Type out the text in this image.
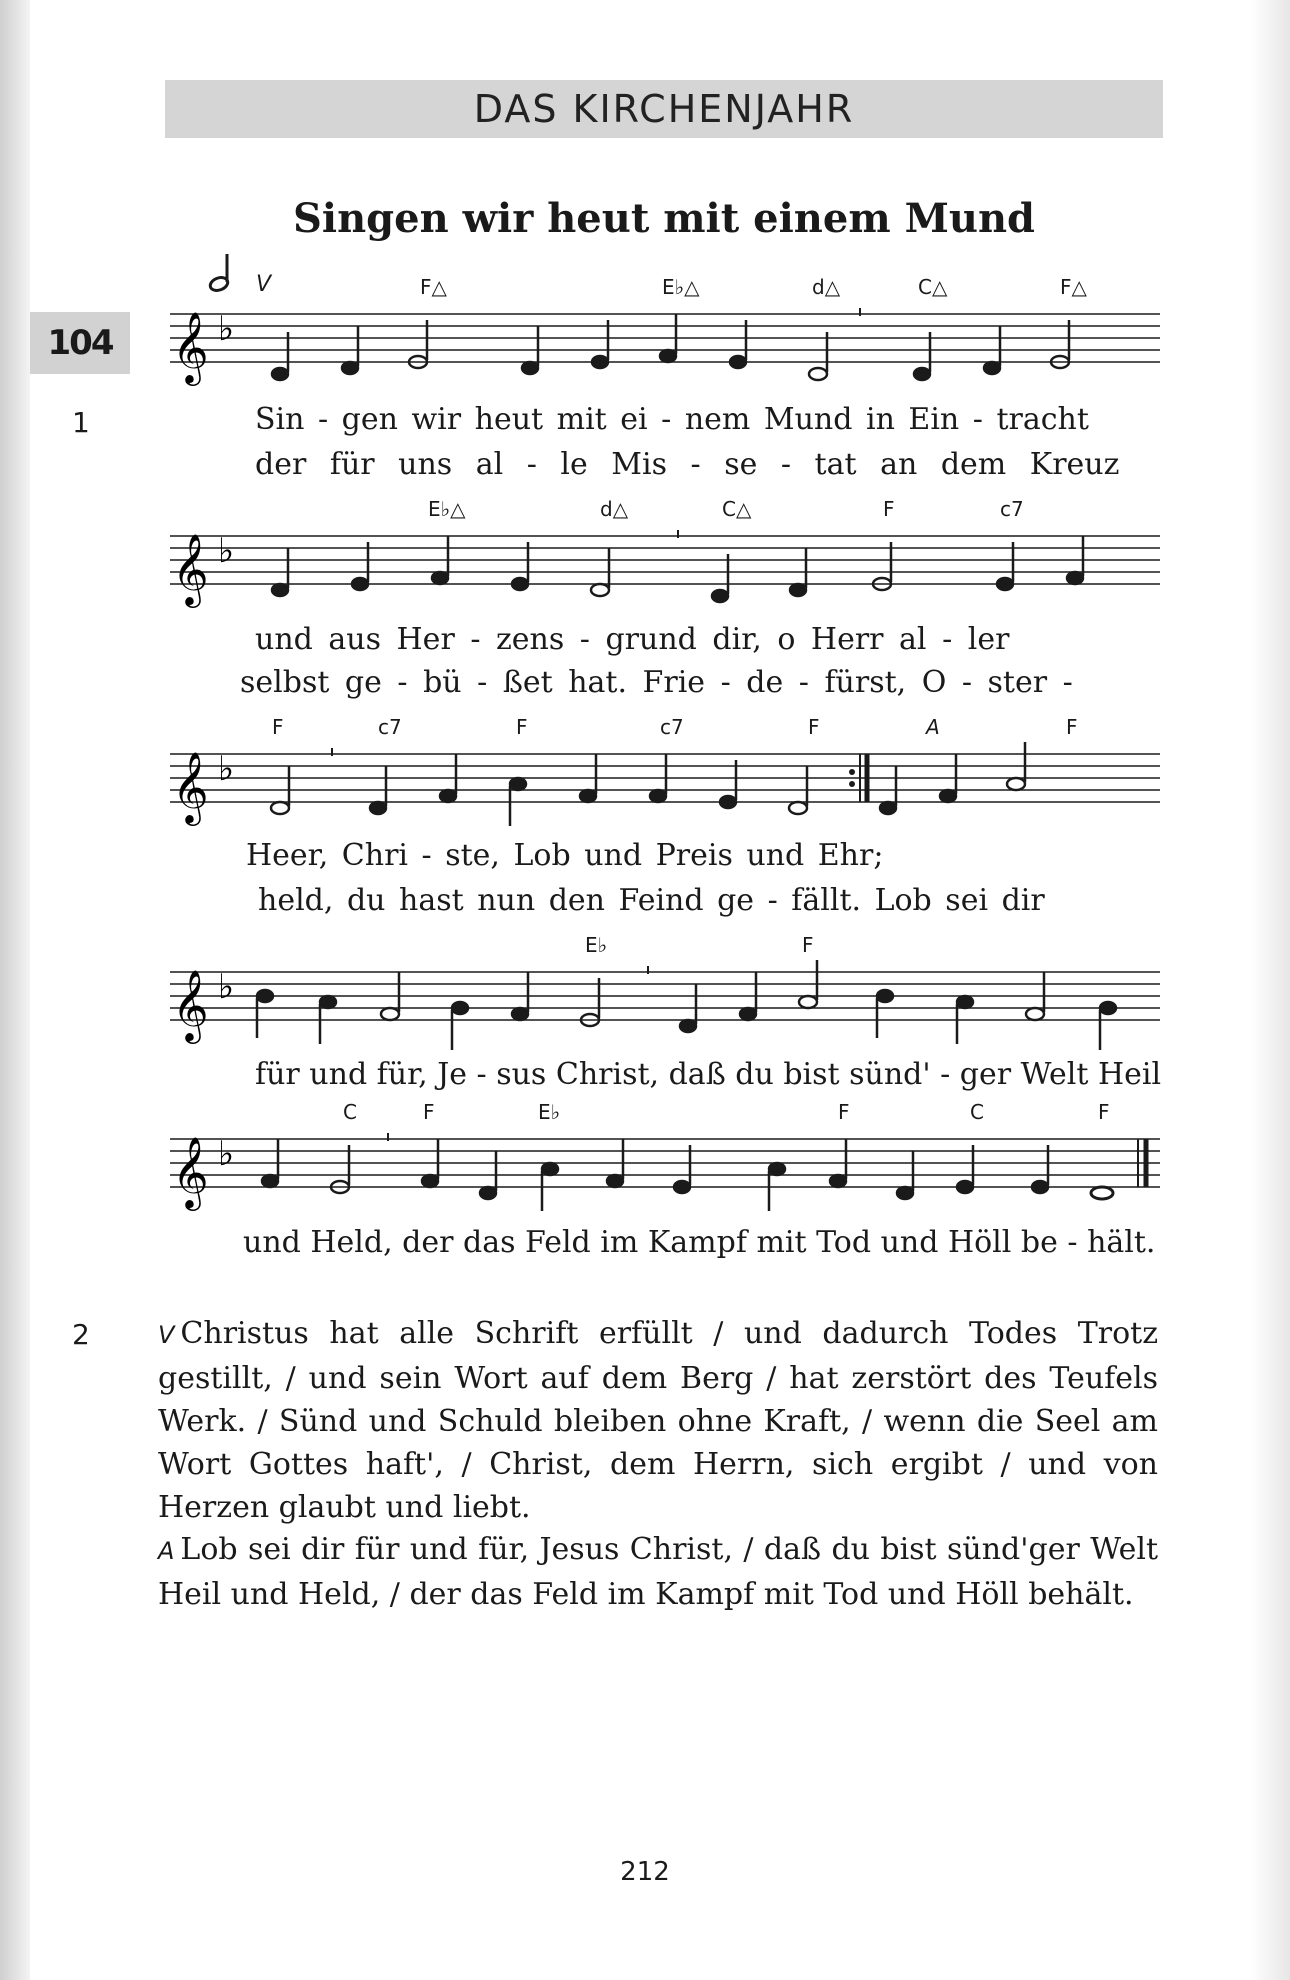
DAS KIRCHENJAHR
Singen wir heut mit einem Mund
104
1
V
𝄞 ♭
F△	E♭△	d△	C△	F△
Sin - gen wir heut mit ei - nem Mund in Ein - tracht
der für uns al - le Mis - se - tat an dem Kreuz
𝄞 ♭
E♭△	d△	C△	F	c7
und aus Her - zens - grund dir, o Herr al - ler
selbst ge - bü - ßet hat. Frie - de - fürst, O - ster -
𝄞 ♭
F	c7	F	c7	F	A	F
Heer, Chri - ste, Lob und Preis und Ehr;
held, du hast nun den Feind ge - fällt. Lob sei dir
𝄞 ♭
E♭	F
für und für, Je - sus Christ, daß du bist sünd' - ger Welt Heil
𝄞 ♭
C	F	E♭	F	C	F
und Held, der das Feld im Kampf mit Tod und Höll be - hält.
2	V Christus hat alle Schrift erfüllt / und dadurch Todes Trotz gestillt, / und sein Wort auf dem Berg / hat zerstört des Teufels Werk. / Sünd und Schuld bleiben ohne Kraft, / wenn die Seel am Wort Gottes haft', / Christ, dem Herrn, sich ergibt / und von Herzen glaubt und liebt.
A Lob sei dir für und für, Jesus Christ, / daß du bist sünd'ger Welt Heil und Held, / der das Feld im Kampf mit Tod und Höll behält.
212
